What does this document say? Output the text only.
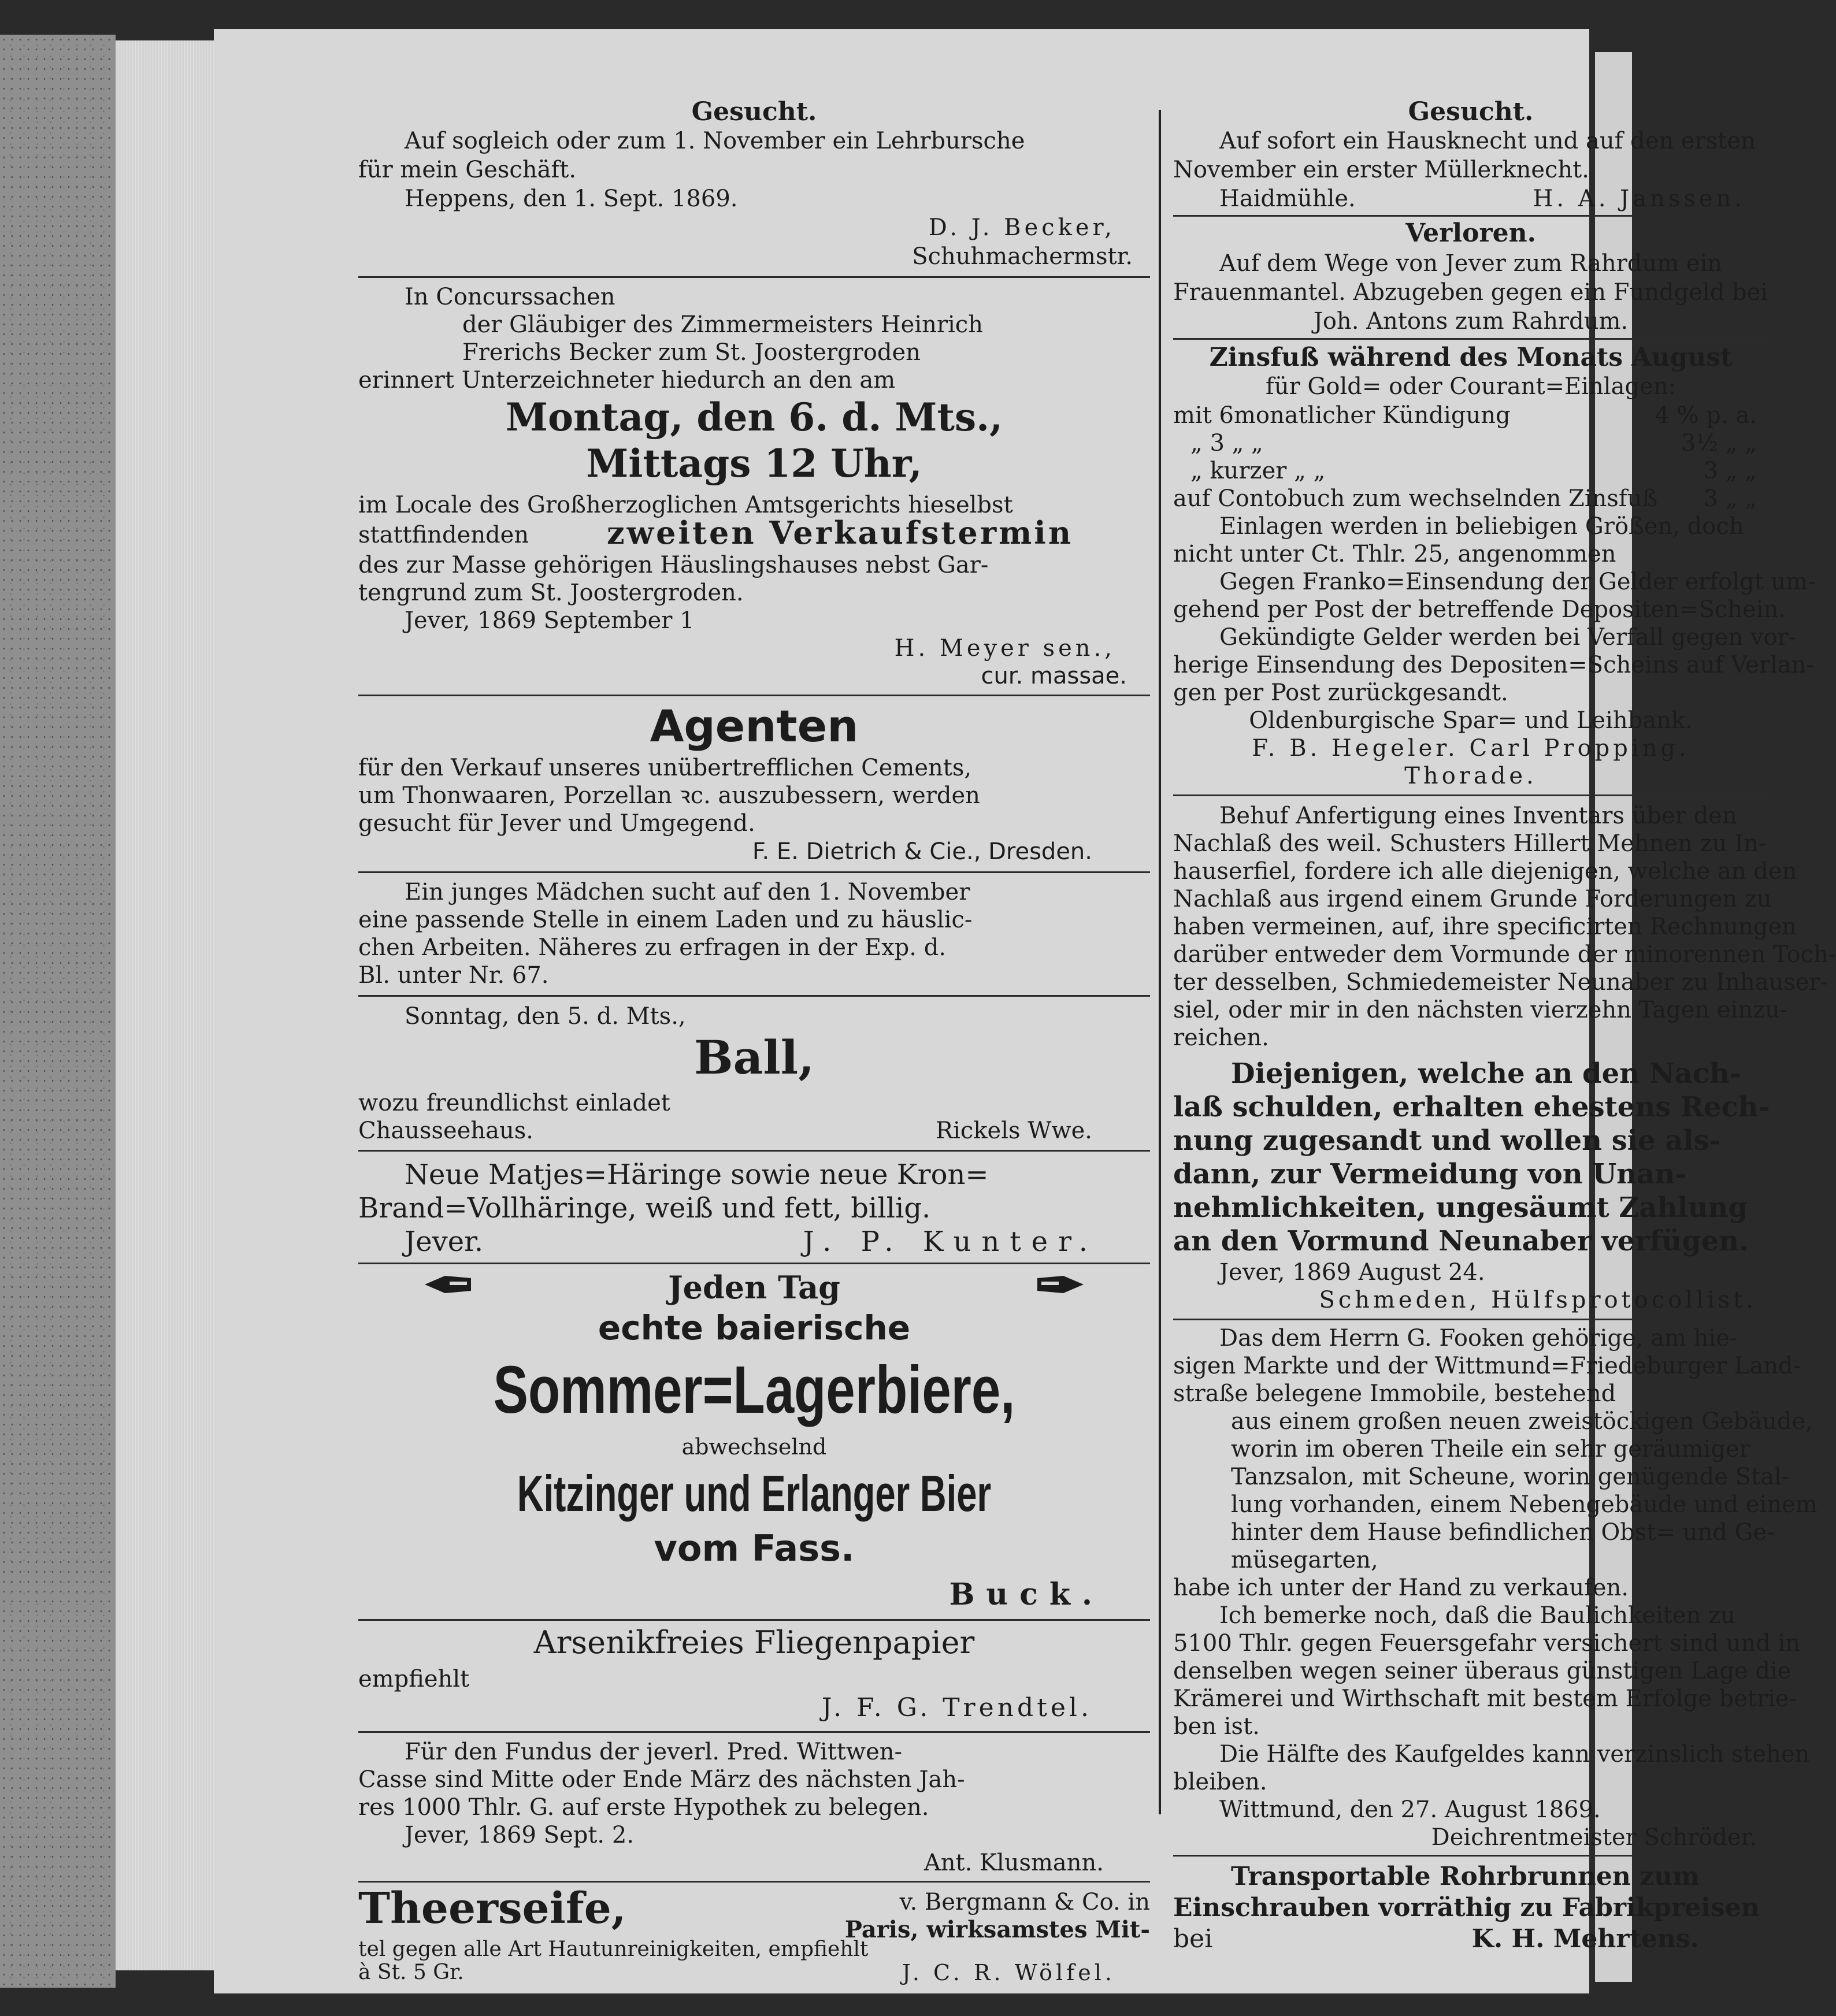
Gesucht.
Auf sogleich oder zum 1. November ein Lehrbursche
für mein Geschäft.
Heppens, den 1. Sept. 1869.
D. J. Becker,
Schuhmachermstr.
In Concurssachen
der Gläubiger des Zimmermeisters Heinrich
Frerichs Becker zum St. Joostergroden
erinnert Unterzeichneter hiedurch an den am
Montag, den 6. d. Mts.,
Mittags 12 Uhr,
im Locale des Großherzoglichen Amtsgerichts hieselbst
stattfindenden zweiten Verkaufstermin
des zur Masse gehörigen Häuslingshauses nebst Gar-
tengrund zum St. Joostergroden.
Jever, 1869 September 1
H. Meyer sen.,
cur. massae.
Agenten
für den Verkauf unseres unübertrefflichen Cements,
um Thonwaaren, Porzellan ꝛc. auszubessern, werden
gesucht für Jever und Umgegend.
F. E. Dietrich & Cie., Dresden.
Ein junges Mädchen sucht auf den 1. November
eine passende Stelle in einem Laden und zu häuslic-
chen Arbeiten. Näheres zu erfragen in der Exp. d.
Bl. unter Nr. 67.
Sonntag, den 5. d. Mts.,
Ball,
wozu freundlichst einladet
Chausseehaus.	Rickels Wwe.
Neue Matjes=Häringe sowie neue Kron=
Brand=Vollhäringe, weiß und fett, billig.
Jever.	J. P. Kunter.
Jeden Tag
echte baierische
Sommer=Lagerbiere,
abwechselnd
Kitzinger und Erlanger Bier
vom Fass.
Buck.
Arsenikfreies Fliegenpapier
empfiehlt
J. F. G. Trendtel.
Für den Fundus der jeverl. Pred. Wittwen-
Casse sind Mitte oder Ende März des nächsten Jah-
res 1000 Thlr. G. auf erste Hypothek zu belegen.
Jever, 1869 Sept. 2.
Ant. Klusmann.
Theerseife,	v. Bergmann & Co. in
Paris, wirksamstes Mit-
tel gegen alle Art Hautunreinigkeiten, empfiehlt
à St. 5 Gr.	J. C. R. Wölfel.
Gesucht.
Auf sofort ein Hausknecht und auf den ersten
November ein erster Müllerknecht.
Haidmühle.	H. A. Janssen.
Verloren.
Auf dem Wege von Jever zum Rahrdum ein
Frauenmantel. Abzugeben gegen ein Fundgeld bei
Joh. Antons zum Rahrdum.
Zinsfuß während des Monats August
für Gold= oder Courant=Einlagen:
mit 6monatlicher Kündigung	4 % p. a.
„ 3 „ „	3½ „ „
„ kurzer „ „	3 „ „
auf Contobuch zum wechselnden Zinsfuß 3 „ „
Einlagen werden in beliebigen Größen, doch
nicht unter Ct. Thlr. 25, angenommen
Gegen Franko=Einsendung der Gelder erfolgt um-
gehend per Post der betreffende Depositen=Schein.
Gekündigte Gelder werden bei Verfall gegen vor-
herige Einsendung des Depositen=Scheins auf Verlan-
gen per Post zurückgesandt.
Oldenburgische Spar= und Leihbank.
F. B. Hegeler. Carl Propping.
Thorade.
Behuf Anfertigung eines Inventars über den
Nachlaß des weil. Schusters Hillert Mehnen zu In-
hauserfiel, fordere ich alle diejenigen, welche an den
Nachlaß aus irgend einem Grunde Forderungen zu
haben vermeinen, auf, ihre specificirten Rechnungen
darüber entweder dem Vormunde der minorennen Toch-
ter desselben, Schmiedemeister Neunaber zu Inhauser-
siel, oder mir in den nächsten vierzehn Tagen einzu-
reichen.
Diejenigen, welche an den Nach-
laß schulden, erhalten ehestens Rech-
nung zugesandt und wollen sie als-
dann, zur Vermeidung von Unan-
nehmlichkeiten, ungesäumt Zahlung
an den Vormund Neunaber verfügen.
Jever, 1869 August 24.
Schmeden, Hülfsprotocollist.
Das dem Herrn G. Fooken gehörige, am hie-
sigen Markte und der Wittmund=Friedeburger Land-
straße belegene Immobile, bestehend
aus einem großen neuen zweistöckigen Gebäude,
worin im oberen Theile ein sehr geräumiger
Tanzsalon, mit Scheune, worin genügende Stal-
lung vorhanden, einem Nebengebäude und einem
hinter dem Hause befindlichen Obst= und Ge-
müsegarten,
habe ich unter der Hand zu verkaufen.
Ich bemerke noch, daß die Baulichkeiten zu
5100 Thlr. gegen Feuersgefahr versichert sind und in
denselben wegen seiner überaus günstigen Lage die
Krämerei und Wirthschaft mit bestem Erfolge betrie-
ben ist.
Die Hälfte des Kaufgeldes kann verzinslich stehen
bleiben.
Wittmund, den 27. August 1869.
Deichrentmeister Schröder.
Transportable Rohrbrunnen zum
Einschrauben vorräthig zu Fabrikpreisen
bei	K. H. Mehrtens.
